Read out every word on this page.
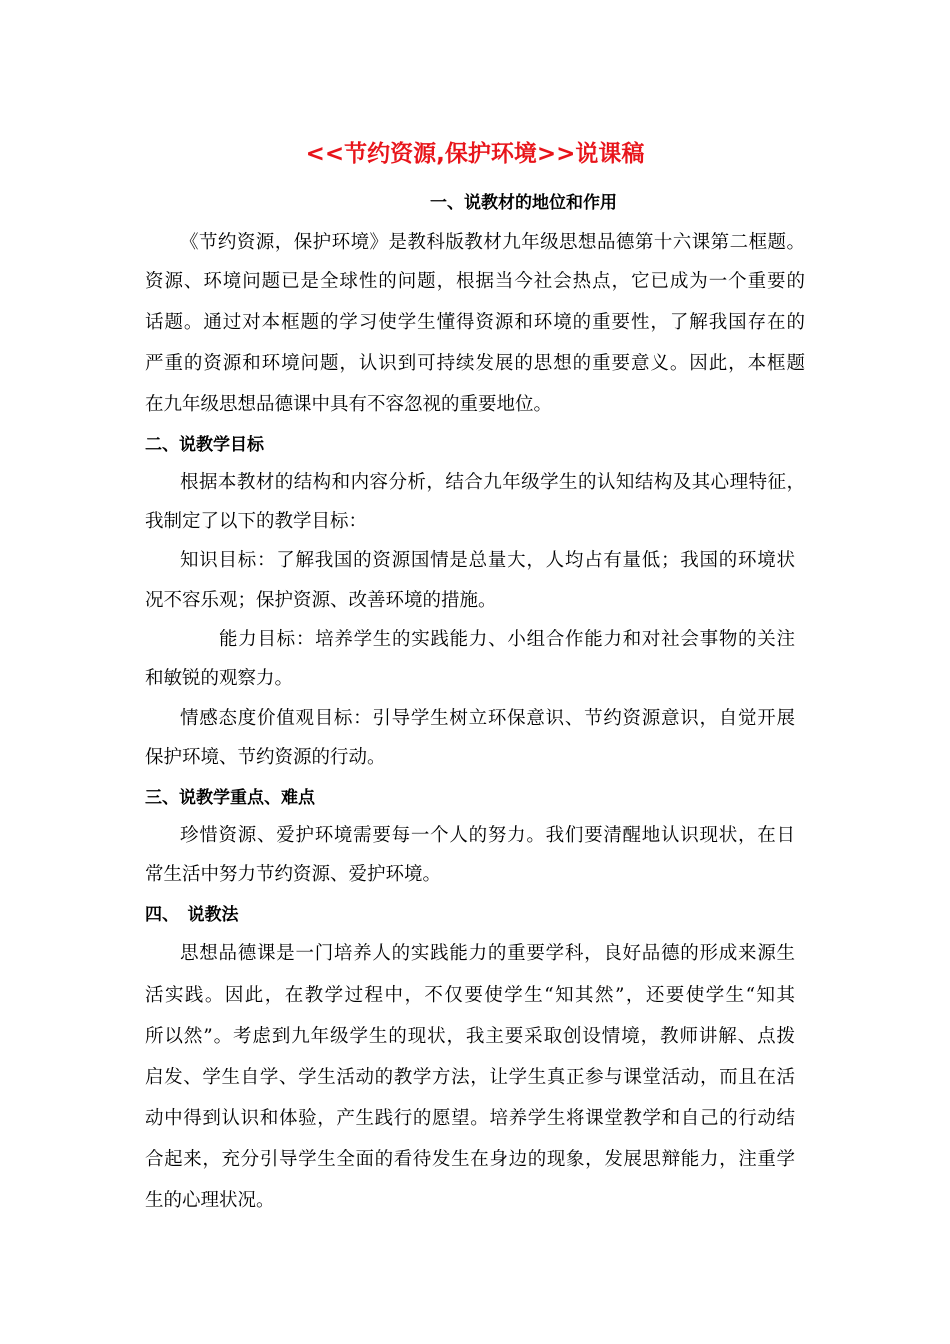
<<节约资源,保护环境>>说课稿
一、说教材的地位和作用
《节约资源，保护环境》是教科版教材九年级思想品德第十六课第二框题。
资源、环境问题已是全球性的问题，根据当今社会热点，它已成为一个重要的
话题。通过对本框题的学习使学生懂得资源和环境的重要性，了解我国存在的
严重的资源和环境问题，认识到可持续发展的思想的重要意义。因此，本框题
在九年级思想品德课中具有不容忽视的重要地位。
二、说教学目标
根据本教材的结构和内容分析，结合九年级学生的认知结构及其心理特征，
我制定了以下的教学目标：
知识目标：了解我国的资源国情是总量大，人均占有量低；我国的环境状
况不容乐观；保护资源、改善环境的措施。
能力目标：培养学生的实践能力、小组合作能力和对社会事物的关注
和敏锐的观察力。
情感态度价值观目标：引导学生树立环保意识、节约资源意识，自觉开展
保护环境、节约资源的行动。
三、说教学重点、难点
珍惜资源、爱护环境需要每一个人的努力。我们要清醒地认识现状，在日
常生活中努力节约资源、爱护环境。
四、　说教法
思想品德课是一门培养人的实践能力的重要学科，良好品德的形成来源生
活实践。因此，在教学过程中，不仅要使学生“知其然”，还要使学生“知其
所以然”。考虑到九年级学生的现状，我主要采取创设情境，教师讲解、点拨
启发、学生自学、学生活动的教学方法，让学生真正参与课堂活动，而且在活
动中得到认识和体验，产生践行的愿望。培养学生将课堂教学和自己的行动结
合起来，充分引导学生全面的看待发生在身边的现象，发展思辩能力，注重学
生的心理状况。
